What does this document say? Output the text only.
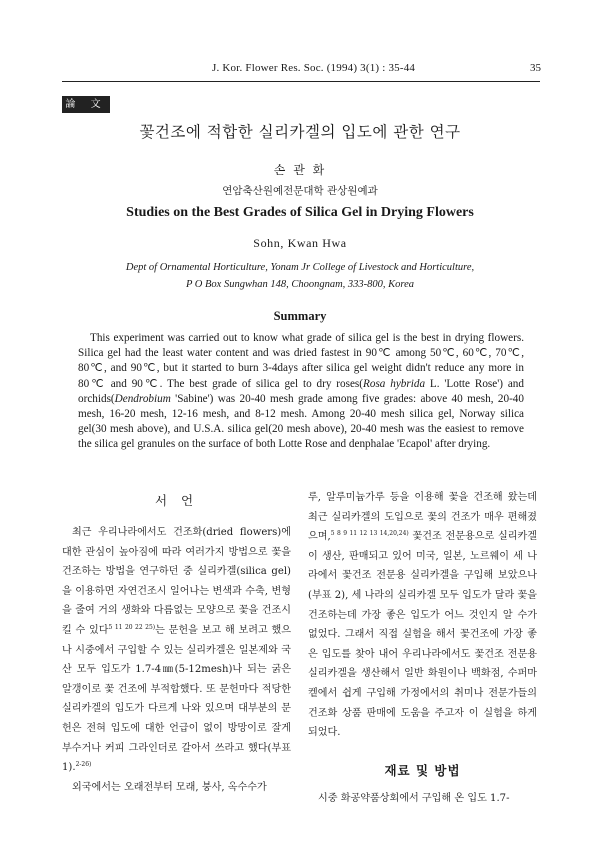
J. Kor. Flower Res. Soc. (1994) 3(1) : 35-44	35
論 文
꽃건조에 적합한 실리카겔의 입도에 관한 연구
손 관 화
연암축산원예전문대학 관상원예과
Studies on the Best Grades of Silica Gel in Drying Flowers
Sohn, Kwan Hwa
Dept of Ornamental Horticulture, Yonam Jr College of Livestock and Horticulture,
P O Box Sungwhan 148, Choongnam, 333-800, Korea
Summary

This experiment was carried out to know what grade of silica gel is the best in drying flowers. Silica gel had the least water content and was dried fastest in 90℃ among 50℃, 60℃, 70℃, 80℃, and 90℃, but it started to burn 3-4days after silica gel weight didn't reduce any more in 80℃ and 90℃. The best grade of silica gel to dry roses(Rosa hybrida L. 'Lotte Rose') and orchids(Dendrobium 'Sabine') was 20-40 mesh grade among five grades: above 40 mesh, 20-40 mesh, 16-20 mesh, 12-16 mesh, and 8-12 mesh. Among 20-40 mesh silica gel, Norway silica gel(30 mesh above), and U.S.A. silica gel(20 mesh above), 20-40 mesh was the easiest to remove the silica gel granules on the surface of both Lotte Rose and denphalae 'Ecapol' after drying.

서 언

최근 우리나라에서도 건조화(dried flowers)에 대한 관심이 높아짐에 따라 여러가지 방법으로 꽃을 건조하는 방법을 연구하던 중 실리카겔(silica gel)을 이용하면 자연건조시 일어나는 변색과 수축, 변형을 줄여 거의 생화와 다름없는 모양으로 꽃을 건조시킬 수 있다$^{5 11 20 22 25)}$는 문헌을 보고 해 보려고 했으나 시중에서 구입할 수 있는 실리카겔은 일본제와 국산 모두 입도가 1.7-4㎜(5-12mesh)나 되는 굵은 알갱이로 꽃 건조에 부적합했다. 또 문헌마다 적당한 실리카겔의 입도가 다르게 나와 있으며 대부분의 문헌은 전혀 입도에 대한 언급이 없이 방망이로 잘게 부수거나 커피 그라인더로 갈아서 쓰라고 했다(부표 1).$^{2-26)}$

외국에서는 오래전부터 모래, 붕사, 옥수수가

루, 알루미늄가루 등을 이용해 꽃을 건조해 왔는데 최근 실리카겔의 도입으로 꽃의 건조가 매우 편해졌으며,$^{5 8 9 11 12 13 14,20,24)}$ 꽃건조 전문용으로 실리카겔이 생산, 판매되고 있어 미국, 일본, 노르웨이 세 나라에서 꽃건조 전문용 실리카겔을 구입해 보았으나(부표 2), 세 나라의 실리카겔 모두 입도가 달라 꽃을 건조하는데 가장 좋은 입도가 어느 것인지 알 수가 없었다. 그래서 직접 실험을 해서 꽃건조에 가장 좋은 입도를 찾아 내어 우리나라에서도 꽃건조 전문용 실리카겔을 생산해서 일반 화원이나 백화점, 수퍼마켙에서 쉽게 구입해 가정에서의 취미나 전문가들의 건조화 상품 판매에 도움을 주고자 이 실험을 하게 되었다.

재료 및 방법

시중 화공약품상회에서 구입해 온 입도 1.7-
